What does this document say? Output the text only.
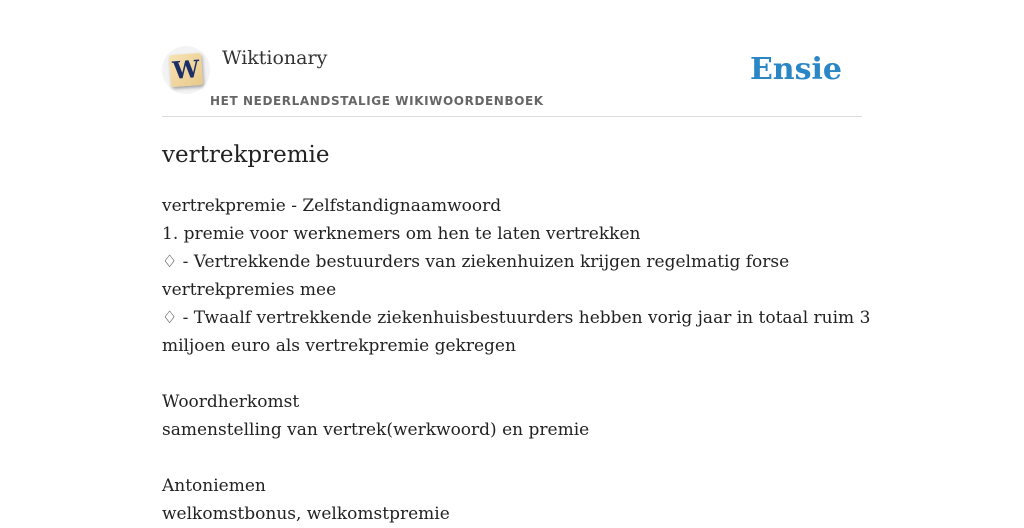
W Wiktionary
HET NEDERLANDSTALIGE WIKIWOORDENBOEK
Ensie
vertrekpremie
vertrekpremie - Zelfstandignaamwoord
1. premie voor werknemers om hen te laten vertrekken
♢ - Vertrekkende bestuurders van ziekenhuizen krijgen regelmatig forse
vertrekpremies mee
♢ - Twaalf vertrekkende ziekenhuisbestuurders hebben vorig jaar in totaal ruim 3
miljoen euro als vertrekpremie gekregen
Woordherkomst
samenstelling van vertrek(werkwoord) en premie
Antoniemen
welkomstbonus, welkomstpremie
